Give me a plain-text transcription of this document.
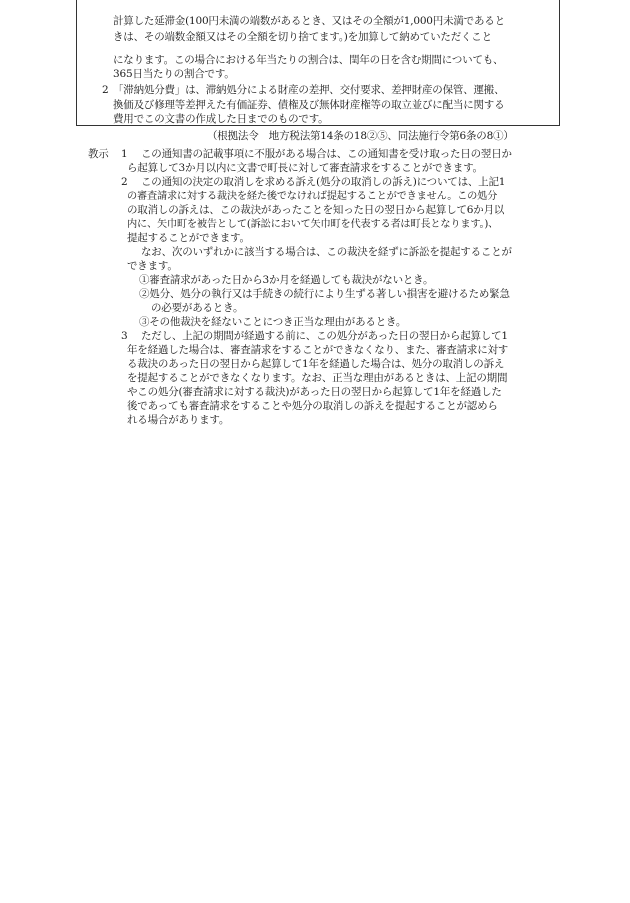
計算した延滞金(100円未満の端数があるとき、又はその全額が1,000円未満であると
きは、その端数金額又はその全額を切り捨てます。)を加算して納めていただくこと
になります。この場合における年当たりの割合は、閏年の日を含む期間についても、
365日当たりの割合です。
2 「滞納処分費」は、滞納処分による財産の差押、交付要求、差押財産の保管、運搬、
換価及び修理等差押えた有価証券、債権及び無体財産権等の取立並びに配当に関する
費用でこの文書の作成した日までのものです。
（根拠法令　地方税法第14条の18②⑤、同法施行令第6条の8①）
教示 1 この通知書の記載事項に不服がある場合は、この通知書を受け取った日の翌日か
ら起算して3か月以内に文書で町長に対して審査請求をすることができます。
2 この通知の決定の取消しを求める訴え(処分の取消しの訴え)については、上記1
の審査請求に対する裁決を経た後でなければ提起することができません。この処分
の取消しの訴えは、この裁決があったことを知った日の翌日から起算して6か月以
内に、矢巾町を被告として(訴訟において矢巾町を代表する者は町長となります。)、
提起することができます。
なお、次のいずれかに該当する場合は、この裁決を経ずに訴訟を提起することが
できます。
①審査請求があった日から3か月を経過しても裁決がないとき。
②処分、処分の執行又は手続きの続行により生ずる著しい損害を避けるため緊急
の必要があるとき。
③その他裁決を経ないことにつき正当な理由があるとき。
3 ただし、上記の期間が経過する前に、この処分があった日の翌日から起算して1
年を経過した場合は、審査請求をすることができなくなり、また、審査請求に対す
る裁決のあった日の翌日から起算して1年を経過した場合は、処分の取消しの訴え
を提起することができなくなります。なお、正当な理由があるときは、上記の期間
やこの処分(審査請求に対する裁決)があった日の翌日から起算して1年を経過した
後であっても審査請求をすることや処分の取消しの訴えを提起することが認めら
れる場合があります。
